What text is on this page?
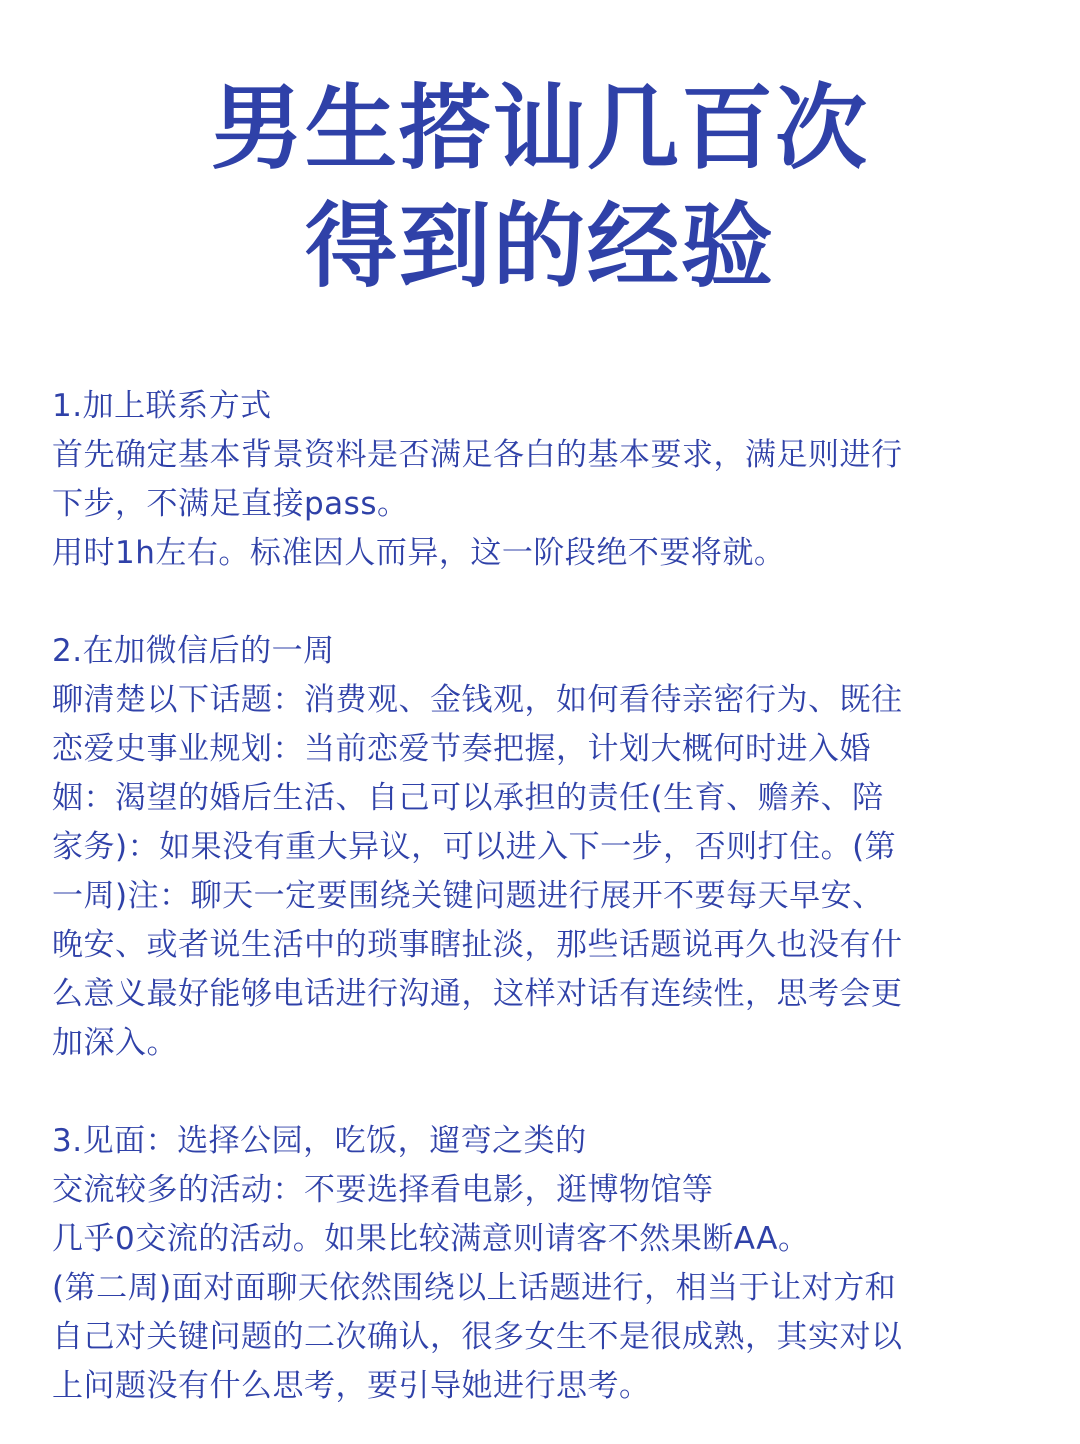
男生搭讪几百次
得到的经验
1.加上联系方式
首先确定基本背景资料是否满足各白的基本要求，满足则进行
下步，不满足直接pass。
用时1h左右。标准因人而异，这一阶段绝不要将就。
2.在加微信后的一周
聊清楚以下话题：消费观、金钱观，如何看待亲密行为、既往
恋爱史事业规划：当前恋爱节奏把握，计划大概何时进入婚
姻：渴望的婚后生活、自己可以承担的责任(生育、赡养、陪
家务)：如果没有重大异议，可以进入下一步，否则打住。(第
一周)注：聊天一定要围绕关键问题进行展开不要每天早安、
晚安、或者说生活中的琐事瞎扯淡，那些话题说再久也没有什
么意义最好能够电话进行沟通，这样对话有连续性，思考会更
加深入。
3.见面：选择公园，吃饭，遛弯之类的
交流较多的活动：不要选择看电影，逛博物馆等
几乎0交流的活动。如果比较满意则请客不然果断AA。
(第二周)面对面聊天依然围绕以上话题进行，相当于让对方和
自己对关键问题的二次确认，很多女生不是很成熟，其实对以
上问题没有什么思考，要引导她进行思考。
